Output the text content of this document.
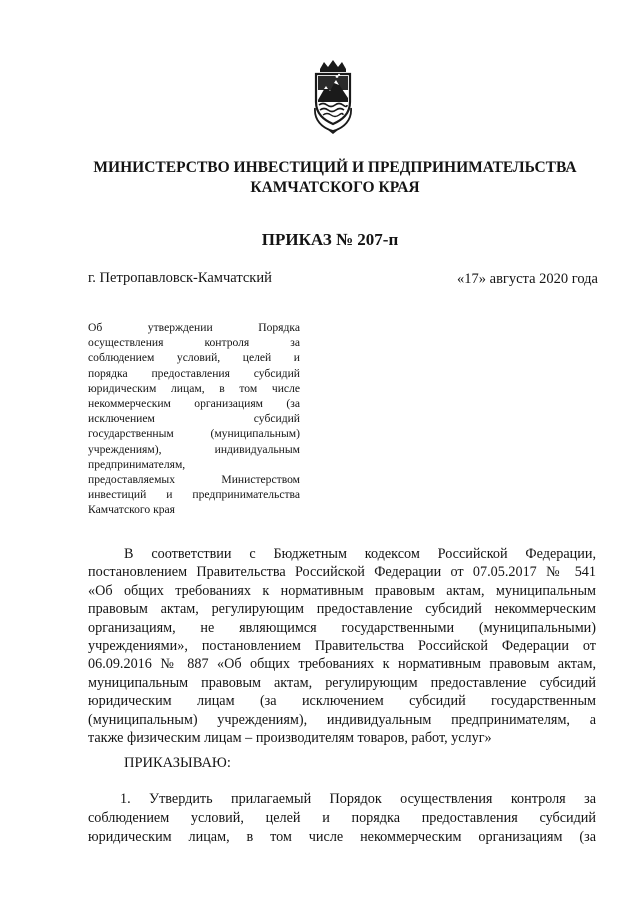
МИНИСТЕРСТВО ИНВЕСТИЦИЙ И ПРЕДПРИНИМАТЕЛЬСТВА
КАМЧАТСКОГО КРАЯ
ПРИКАЗ № 207-п
г. Петропавловск-Камчатский	«17» августа 2020 года
Об утверждении Порядка
осуществления контроля за
соблюдением условий, целей и
порядка предоставления субсидий
юридическим лицам, в том числе
некоммерческим организациям (за
исключением субсидий
государственным (муниципальным)
учреждениям), индивидуальным
предпринимателям,
предоставляемых Министерством
инвестиций и предпринимательства
Камчатского края
В соответствии с Бюджетным кодексом Российской Федерации,
постановлением Правительства Российской Федерации от 07.05.2017 № 541
«Об общих требованиях к нормативным правовым актам, муниципальным
правовым актам, регулирующим предоставление субсидий некоммерческим
организациям, не являющимся государственными (муниципальными)
учреждениями», постановлением Правительства Российской Федерации от
06.09.2016 № 887 «Об общих требованиях к нормативным правовым актам,
муниципальным правовым актам, регулирующим предоставление субсидий
юридическим лицам (за исключением субсидий государственным
(муниципальным) учреждениям), индивидуальным предпринимателям, а
также физическим лицам – производителям товаров, работ, услуг»
ПРИКАЗЫВАЮ:
1. Утвердить прилагаемый Порядок осуществления контроля за
соблюдением условий, целей и порядка предоставления субсидий
юридическим лицам, в том числе некоммерческим организациям (за
